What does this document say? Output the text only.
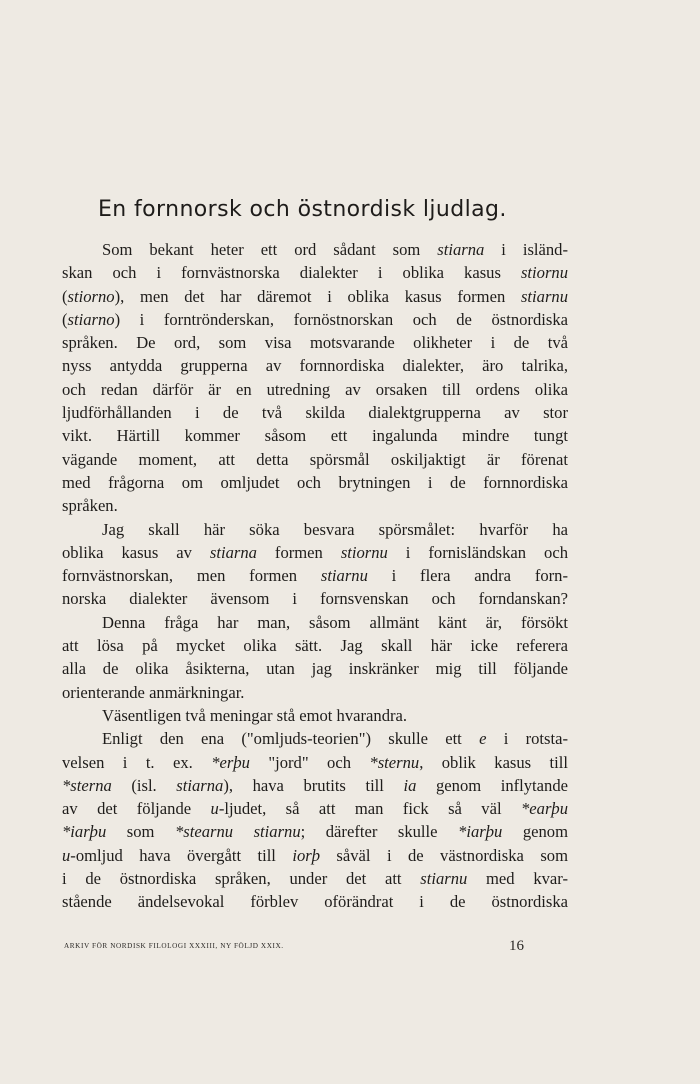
En fornnorsk och östnordisk ljudlag.
Som bekant heter ett ord sådant som stiarna i isländ-
skan och i fornvästnorska dialekter i oblika kasus stiornu
(stiorno), men det har däremot i oblika kasus formen stiarnu
(stiarno) i forntrönderskan, fornöstnorskan och de östnordiska
språken. De ord, som visa motsvarande olikheter i de två
nyss antydda grupperna av fornnordiska dialekter, äro talrika,
och redan därför är en utredning av orsaken till ordens olika
ljudförhållanden i de två skilda dialektgrupperna av stor
vikt. Härtill kommer såsom ett ingalunda mindre tungt
vägande moment, att detta spörsmål oskiljaktigt är förenat
med frågorna om omljudet och brytningen i de fornnordiska
språken.
Jag skall här söka besvara spörsmålet: hvarför ha
oblika kasus av stiarna formen stiornu i fornisländskan och
fornvästnorskan, men formen stiarnu i flera andra forn-
norska dialekter ävensom i fornsvenskan och forndanskan?
Denna fråga har man, såsom allmänt känt är, försökt
att lösa på mycket olika sätt. Jag skall här icke referera
alla de olika åsikterna, utan jag inskränker mig till följande
orienterande anmärkningar.
Väsentligen två meningar stå emot hvarandra.
Enligt den ena ("omljuds-teorien") skulle ett e i rotsta-
velsen i t. ex. *erþu "jord" och *sternu, oblik kasus till
*sterna (isl. stiarna), hava brutits till ia genom inflytande
av det följande u-ljudet, så att man fick så väl *earþu
*iarþu som *stearnu stiarnu; därefter skulle *iarþu genom
u-omljud hava övergått till iorþ såväl i de västnordiska som
i de östnordiska språken, under det att stiarnu med kvar-
stående ändelsevokal förblev oförändrat i de östnordiska
ARKIV FÖR NORDISK FILOLOGI XXXIII, NY FÖLJD XXIX.	16
